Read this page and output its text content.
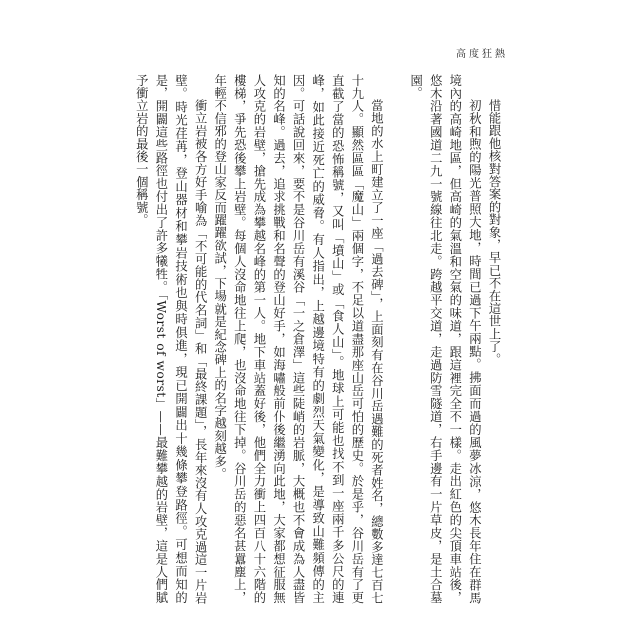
高度狂熱

惜能跟他核對答案的對象，早已不在這世上了。

初秋和煦的陽光普照大地，時間已過下午兩點。拂面而過的風夢冰涼，悠木長年住在群馬境內的高崎地區，但高崎的氣溫和空氣的味道，跟這裡完全不一樣。走出紅色的尖頂車站後，悠木沿著國道二九一號線往北走。跨越平交道，走過防雪隧道，右手邊有一片草皮，是土合墓園。

當地的水上町建立了一座「過去碑」，上面刻有在谷川岳遇難的死者姓名，總數多達七百七十九人。顯然區區「魔山」兩個字，不足以道盡那座山岳可怕的歷史。於是乎，谷川岳有了更直截了當的恐怖稱號，又叫「墳山」或「食人山」。地球上可能也找不到一座兩千多公尺的連峰，如此接近死亡的威脅。有人指出，上越邊境特有的劇烈天氣變化，是導致山難頻傳的主因。可話說回來，要不是谷川岳有溪谷「一之倉澤」這些陡峭的岩脈，大概也不會成為人盡皆知的名峰。過去，追求挑戰和名聲的登山好手，如海嘯般前仆後繼湧向此地，大家都想征服無人攻克的岩壁，搶先成為攀越名峰的第一人。地下車站蓋好後，他們全力衝上四百八十六階的樓梯，爭先恐後攀上岩壁。每個人沒命地往上爬，也沒命地往下掉。谷川岳的惡名甚囂塵上，年輕不信邪的登山家反而躍躍欲試，下場就是紀念碑上的名字越刻越多。

衝立岩被各方好手喻為「不可能的代名詞」和「最終課題」，長年來沒有人攻克過這一片岩壁。時光荏苒，登山器材和攀岩技術也與時俱進，現已開闢出十幾條攀登路徑。可想而知的是，開闢這些路徑也付出了許多犧牲。「Worst of worst」——最難攀越的岩壁，這是人們賦予衝立岩的最後一個稱號。
